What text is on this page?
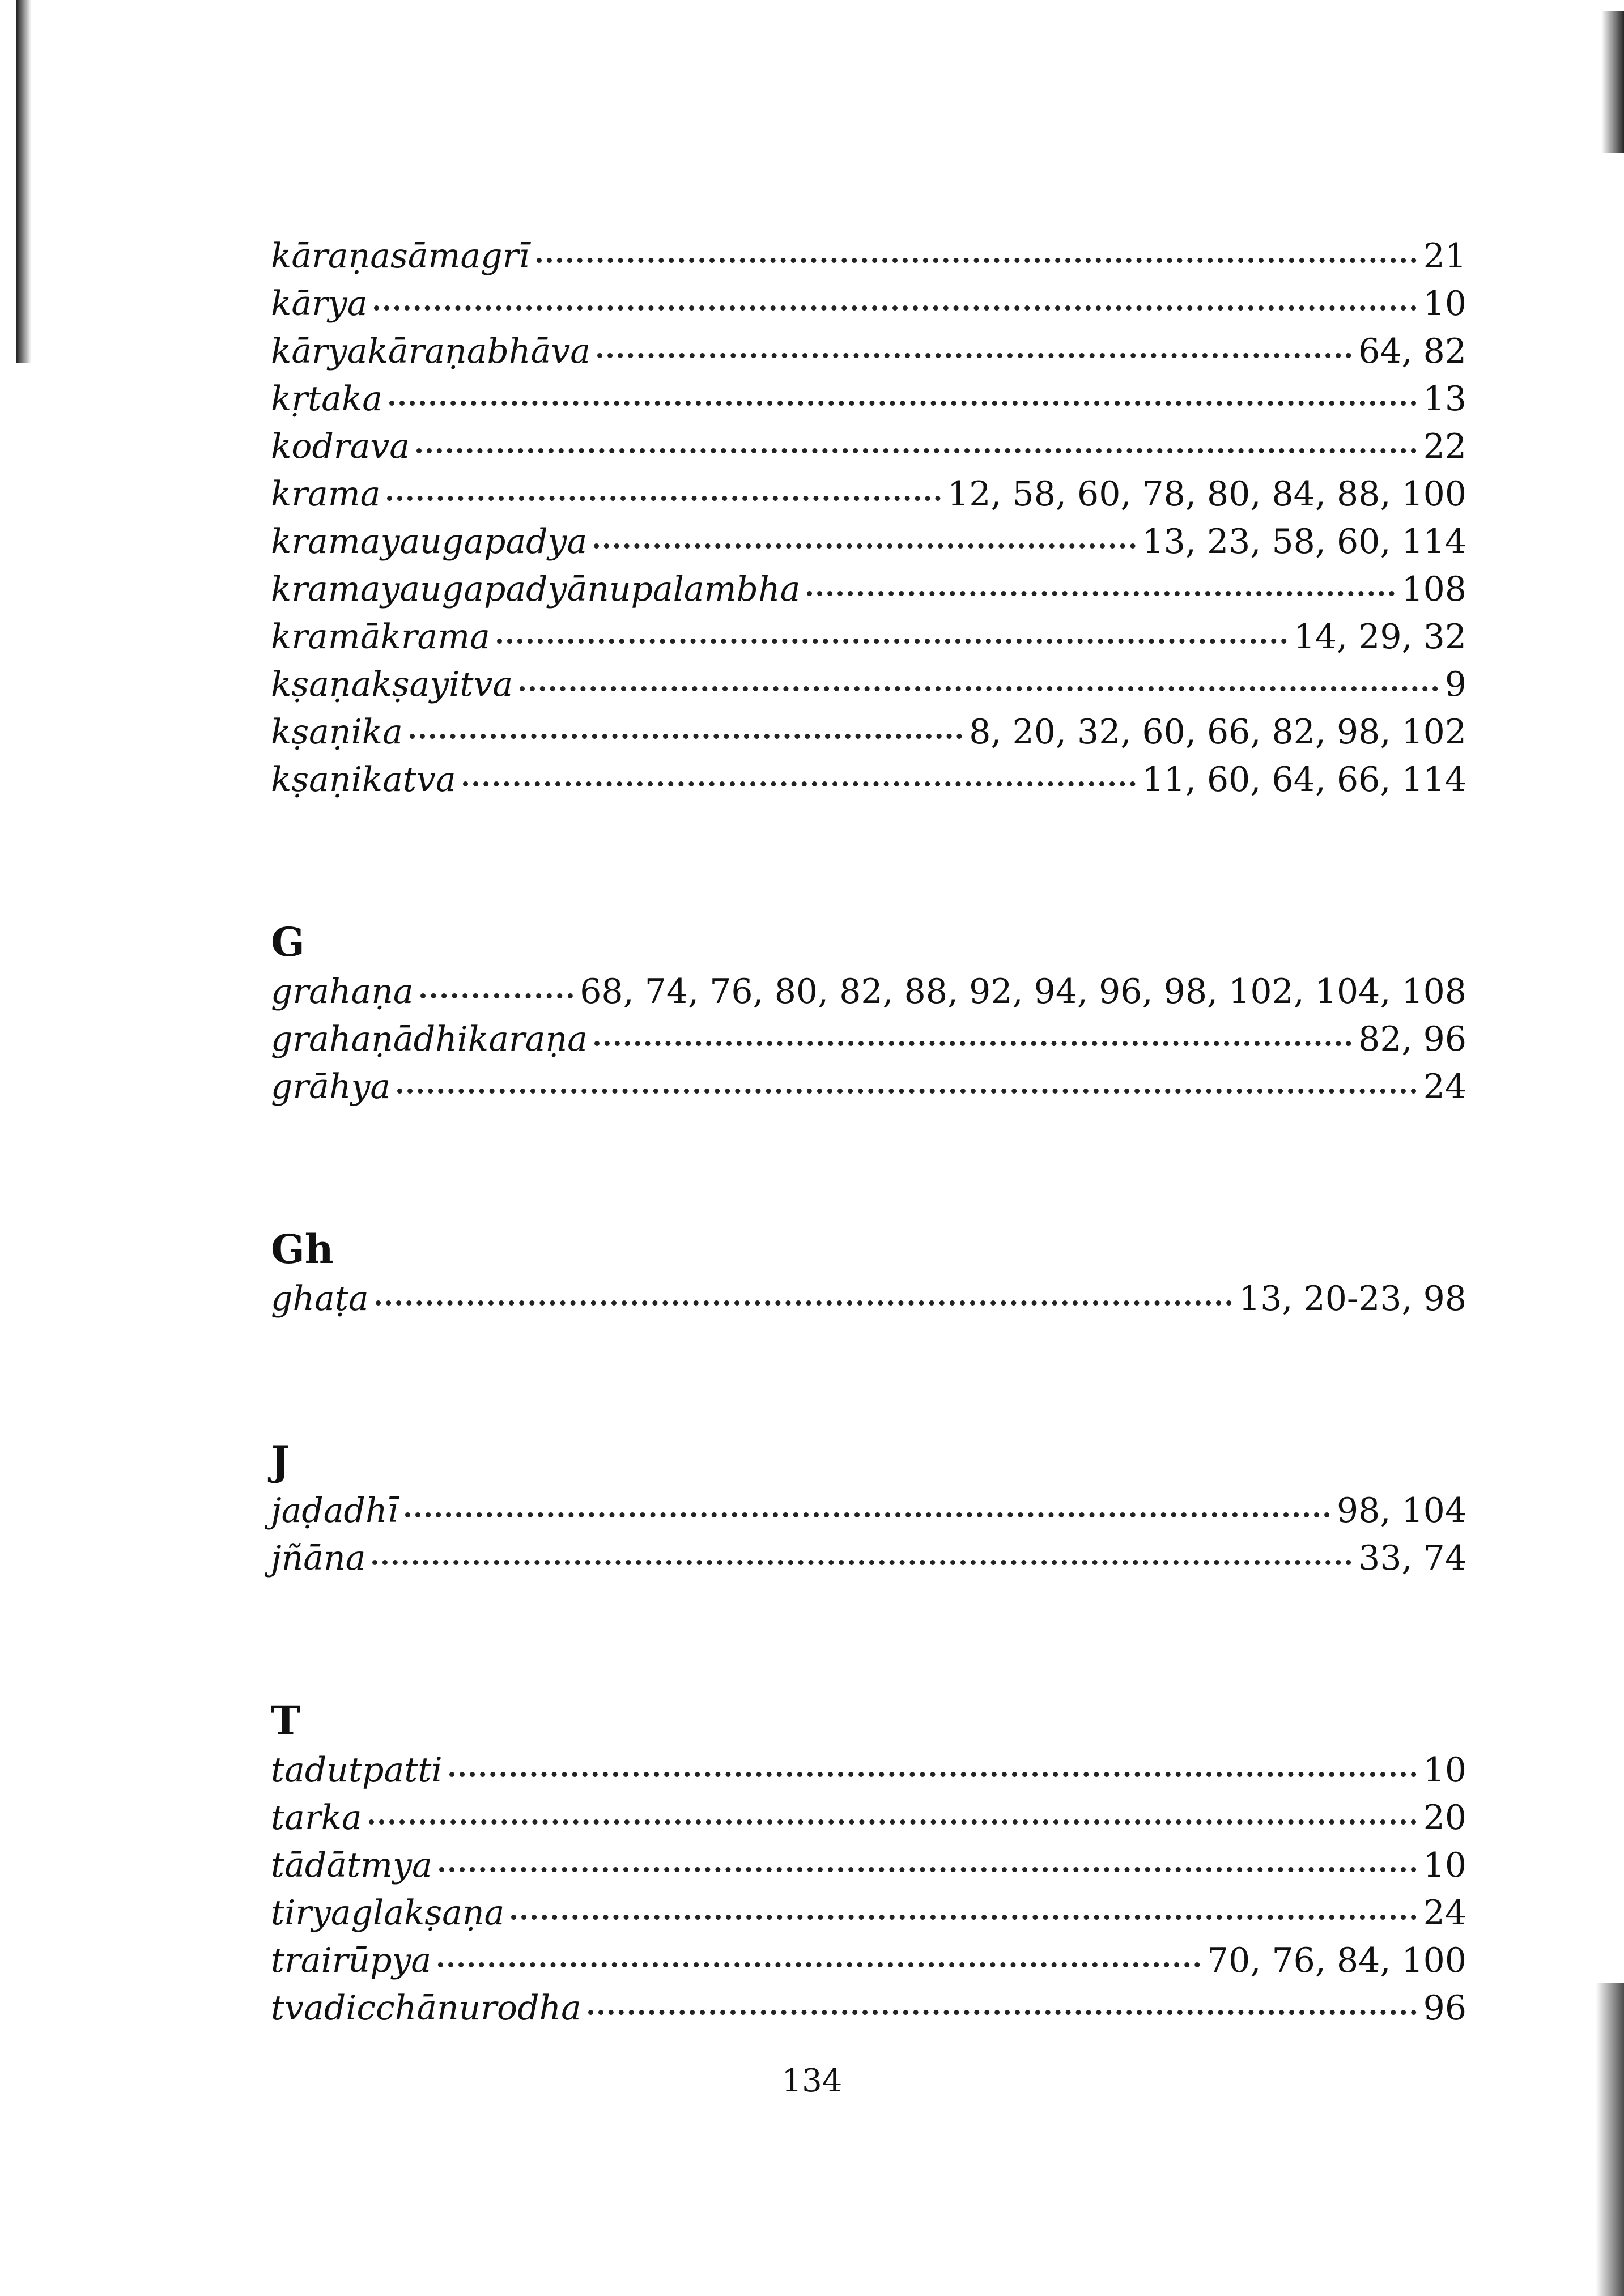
kāraṇasāmagrī	21
kārya	10
kāryakāraṇabhāva	64, 82
kṛtaka	13
kodrava	22
krama	12, 58, 60, 78, 80, 84, 88, 100
kramayaugapadya	13, 23, 58, 60, 114
kramayaugapadyānupalambha	108
kramākrama	14, 29, 32
kṣaṇakṣayitva	9
kṣaṇika	8, 20, 32, 60, 66, 82, 98, 102
kṣaṇikatva	11, 60, 64, 66, 114
G
grahaṇa	68, 74, 76, 80, 82, 88, 92, 94, 96, 98, 102, 104, 108
grahaṇādhikaraṇa	82, 96
grāhya	24
Gh
ghaṭa	13, 20-23, 98
J
jaḍadhī	98, 104
jñāna	33, 74
T
tadutpatti	10
tarka	20
tādātmya	10
tiryaglakṣaṇa	24
trairūpya	70, 76, 84, 100
tvadicchānurodha	96
134
